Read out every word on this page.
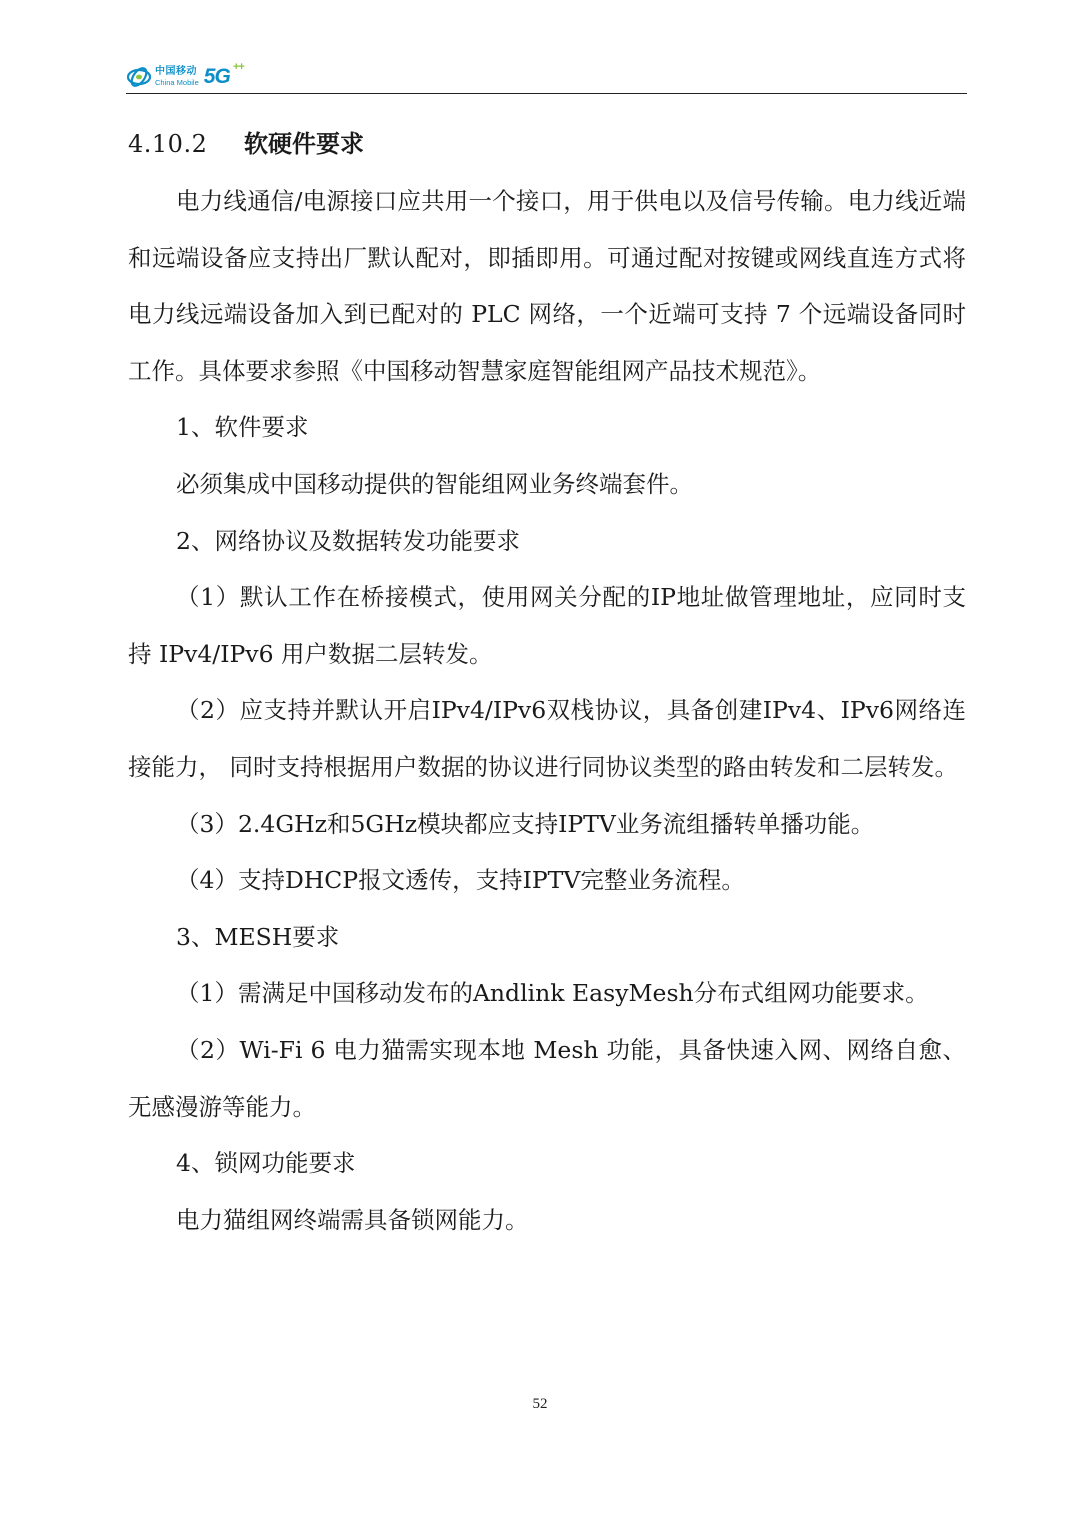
中国移动
China Mobile 5G ++
4.10.2 软硬件要求

电力线通信/电源接口应共用一个接口，用于供电以及信号传输。电力线近端和远端设备应支持出厂默认配对，即插即用。可通过配对按键或网线直连方式将电力线远端设备加入到已配对的 PLC 网络，一个近端可支持 7 个远端设备同时工作。具体要求参照《中国移动智慧家庭智能组网产品技术规范》。

1、软件要求

必须集成中国移动提供的智能组网业务终端套件。

2、网络协议及数据转发功能要求

（1）默认工作在桥接模式，使用网关分配的IP地址做管理地址，应同时支持 IPv4/IPv6 用户数据二层转发。

（2）应支持并默认开启IPv4/IPv6双栈协议，具备创建IPv4、IPv6网络连接能力， 同时支持根据用户数据的协议进行同协议类型的路由转发和二层转发。

（3）2.4GHz和5GHz模块都应支持IPTV业务流组播转单播功能。

（4）支持DHCP报文透传，支持IPTV完整业务流程。

3、MESH要求

（1）需满足中国移动发布的Andlink EasyMesh分布式组网功能要求。

（2）Wi-Fi 6 电力猫需实现本地 Mesh 功能，具备快速入网、网络自愈、无感漫游等能力。

4、锁网功能要求

电力猫组网终端需具备锁网能力。

52
